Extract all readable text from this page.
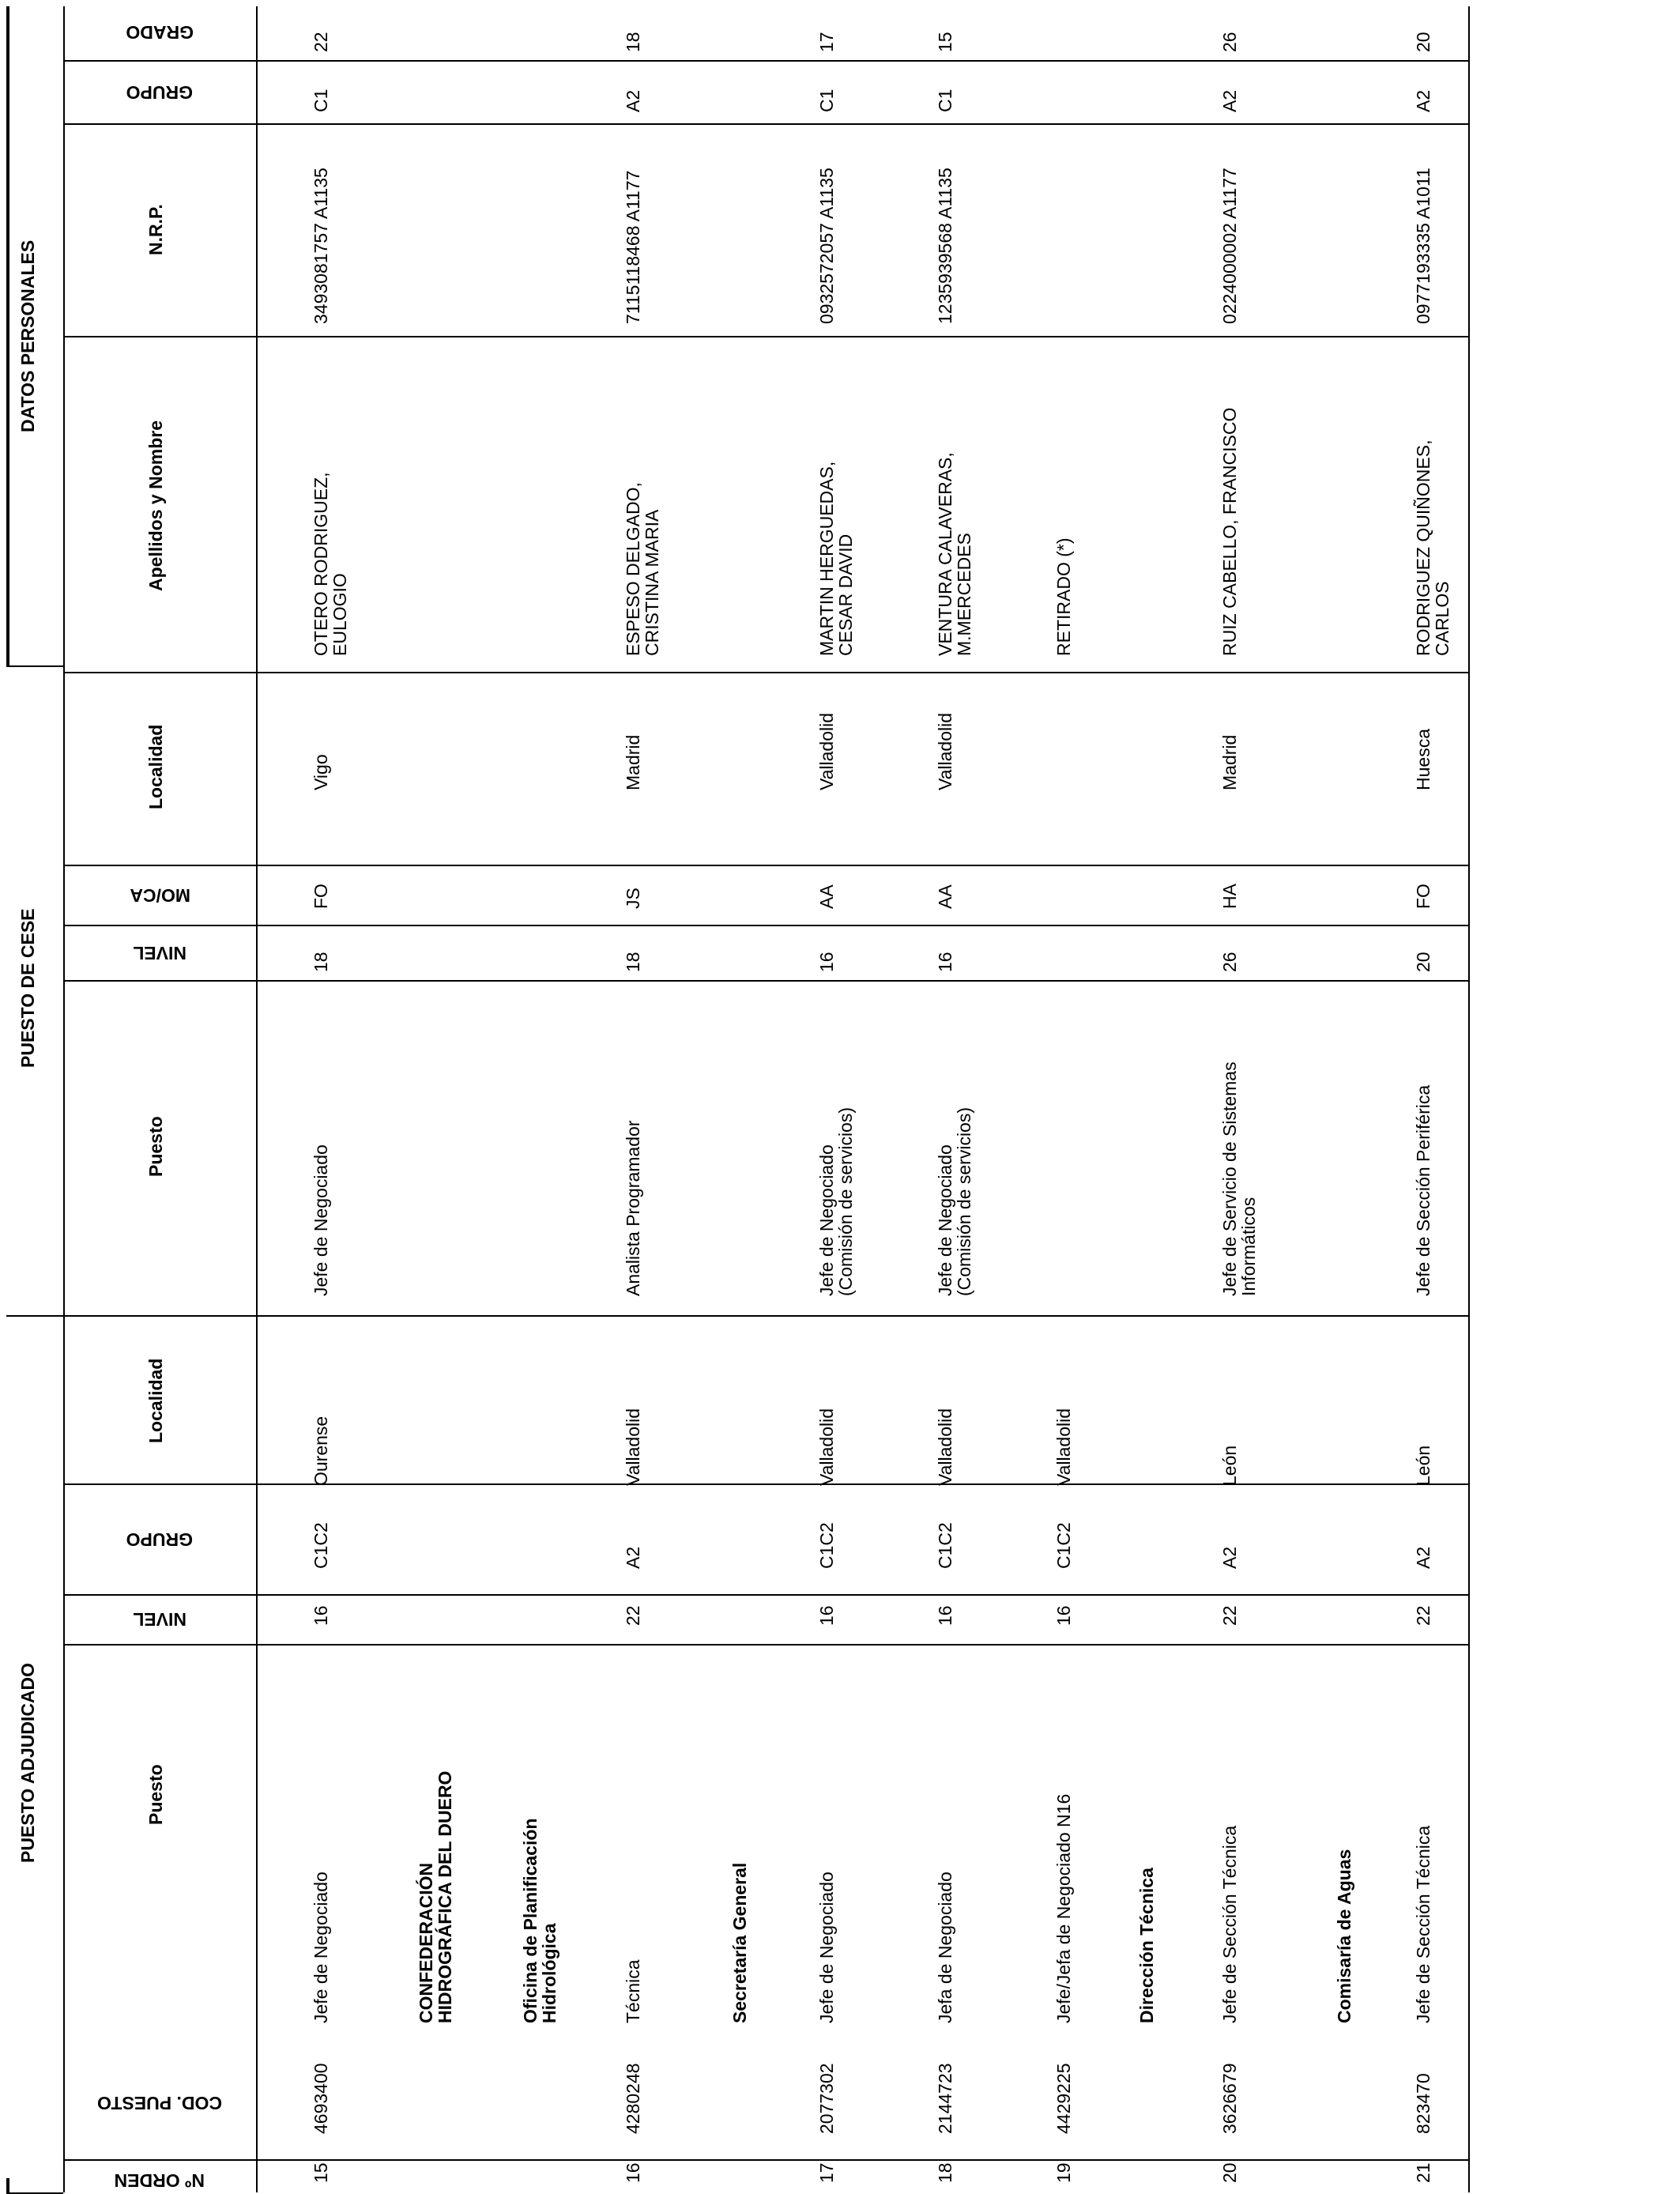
DATOS PERSONALES
PUESTO DE CESE
PUESTO ADJUDICADO
N.R.P.
Apellidos y Nombre
Localidad
Puesto
Localidad
Puesto
GRADO
GRUPO
MO/CA
NIVEL
GRUPO
NIVEL
COD. PUESTO
Nº ORDEN	15
4693400
Jefe de Negociado
16
C1C2
Ourense
Jefe de Negociado
18
FO
Vigo
OTERO RODRIGUEZ,
EULOGIO
3493081757 A1135
C1
22
CONFEDERACIÓN
HIDROGRÁFICA DEL DUERO	Oficina de Planificación
Hidrológica
16
4280248
Técnica
22
A2
Valladolid
Analista Programador
18
JS
Madrid
ESPESO DELGADO,
CRISTINA MARIA
7115118468 A1177
A2
18
Secretaría General
17
2077302
Jefe de Negociado
16
C1C2
Valladolid
Jefe de Negociado
(Comisión de servicios)
16
AA
Valladolid
MARTIN HERGUEDAS,
CESAR DAVID
0932572057 A1135
C1
17
18
2144723
Jefa de Negociado
16
C1C2
Valladolid
Jefe de Negociado
(Comisión de servicios)
16
AA
Valladolid
VENTURA CALAVERAS,
M.MERCEDES
1235939568 A1135
C1
15
19
4429225
Jefe/Jefa de Negociado N16
16
C1C2
Valladolid
RETIRADO (*)
Dirección Técnica
20
3626679
Jefe de Sección Técnica
22
A2
León
Jefe de Servicio de Sistemas
Informáticos
26
HA
Madrid
RUIZ CABELLO, FRANCISCO
0224000002 A1177
A2
26
Comisaría de Aguas
21
823470
Jefe de Sección Técnica
22
A2
León
Jefe de Sección Periférica
20
FO
Huesca
RODRIGUEZ QUIÑONES,
CARLOS
0977193335 A1011
A2
20
